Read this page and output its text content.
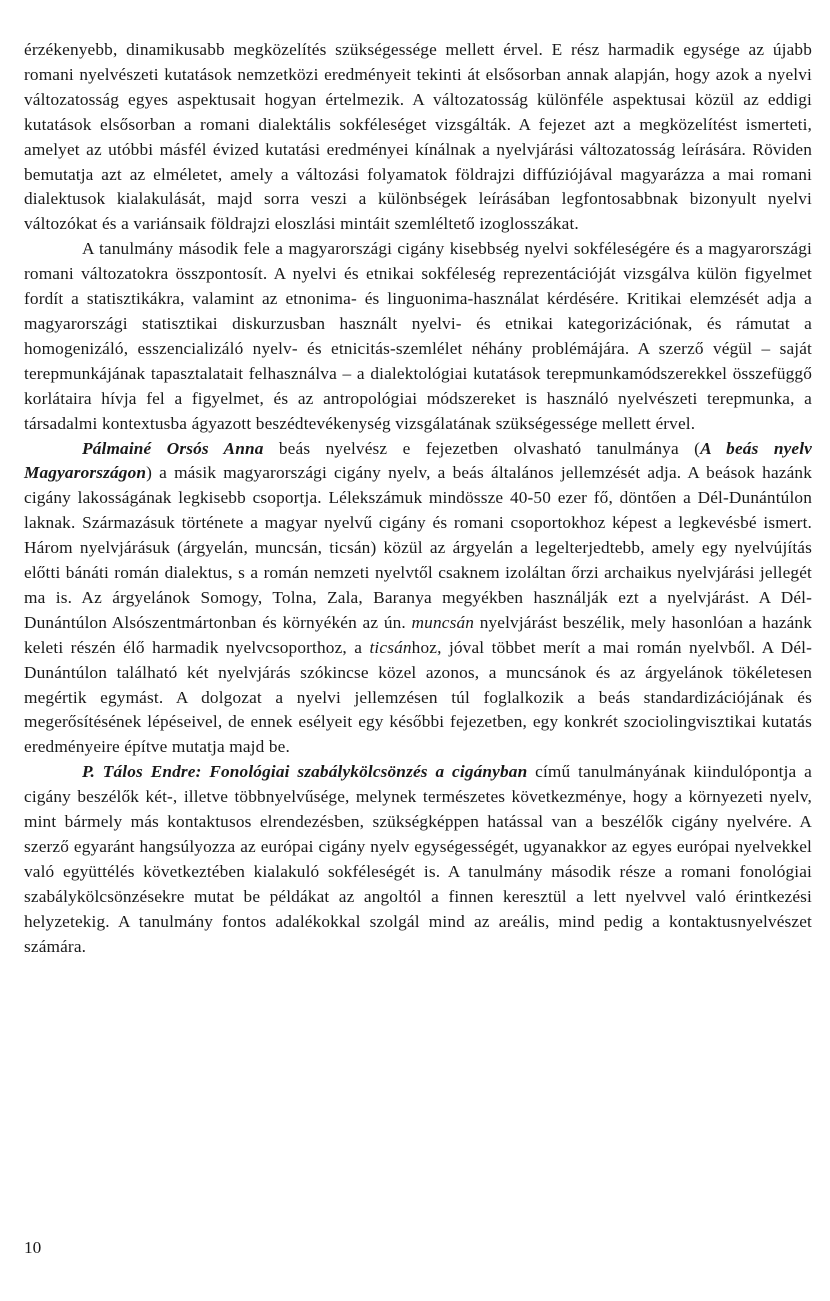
érzékenyebb, dinamikusabb megközelítés szükségessége mellett érvel. E rész harmadik egysége az újabb romani nyelvészeti kutatások nemzetközi eredményeit tekinti át elsősorban annak alapján, hogy azok a nyelvi változatosság egyes aspektusait hogyan értelmezik. A változatosság különféle aspektusai közül az eddigi kutatások elsősorban a romani dialektális sokféleséget vizsgálták. A fejezet azt a megközelítést ismerteti, amelyet az utóbbi másfél évized kutatási eredményei kínálnak a nyelvjárási változatosság leírására. Röviden bemutatja azt az elméletet, amely a változási folyamatok földrajzi diffúziójával magyarázza a mai romani dialektusok kialakulását, majd sorra veszi a különbségek leírásában legfontosabbnak bizonyult nyelvi változókat és a variánsaik földrajzi eloszlási mintáit szemléltető izoglosszákat.

A tanulmány második fele a magyarországi cigány kisebbség nyelvi sokféleségére és a magyarországi romani változatokra összpontosít. A nyelvi és etnikai sokféleség reprezentációját vizsgálva külön figyelmet fordít a statisztikákra, valamint az etnonima- és linguonima-használat kérdésére. Kritikai elemzését adja a magyarországi statisztikai diskurzusban használt nyelvi- és etnikai kategorizációnak, és rámutat a homogenizáló, esszencializáló nyelv- és etnicitás-szemlélet néhány problémájára. A szerző végül – saját terepmunkájának tapasztalatait felhasználva – a dialektológiai kutatások terepmunkamódszerekkel összefüggő korlátaira hívja fel a figyelmet, és az antropológiai módszereket is használó nyelvészeti terepmunka, a társadalmi kontextusba ágyazott beszédtevékenység vizsgálatának szükségessége mellett érvel.

Pálmainé Orsós Anna beás nyelvész e fejezetben olvasható tanulmánya (A beás nyelv Magyarországon) a másik magyarországi cigány nyelv, a beás általános jellemzését adja. A beások hazánk cigány lakosságának legkisebb csoportja. Lélekszámuk mindössze 40-50 ezer fő, döntően a Dél-Dunántúlon laknak. Származásuk története a magyar nyelvű cigány és romani csoportokhoz képest a legkevésbé ismert. Három nyelvjárásuk (árgyelán, muncsán, ticsán) közül az árgyelán a legelterjedtebb, amely egy nyelvújítás előtti bánáti román dialektus, s a román nemzeti nyelvtől csaknem izoláltan őrzi archaikus nyelvjárási jellegét ma is. Az árgyelánok Somogy, Tolna, Zala, Baranya megyékben használják ezt a nyelvjárást. A Dél-Dunántúlon Alsószentmártonban és környékén az ún. muncsán nyelvjárást beszélik, mely hasonlóan a hazánk keleti részén élő harmadik nyelvcsoporthoz, a ticsánhoz, jóval többet merít a mai román nyelvből. A Dél-Dunántúlon található két nyelvjárás szókincse közel azonos, a muncsánok és az árgyelánok tökéletesen megértik egymást. A dolgozat a nyelvi jellemzésen túl foglalkozik a beás standardizációjának és megerősítésének lépéseivel, de ennek esélyeit egy későbbi fejezetben, egy konkrét szociolingvisztikai kutatás eredményeire építve mutatja majd be.

P. Tálos Endre: Fonológiai szabálykölcsönzés a cigányban című tanulmányának kiindulópontja a cigány beszélők két-, illetve többnyelvűsége, melynek természetes következménye, hogy a környezeti nyelv, mint bármely más kontaktusos elrendezésben, szükségképpen hatással van a beszélők cigány nyelvére. A szerző egyaránt hangsúlyozza az európai cigány nyelv egységességét, ugyanakkor az egyes európai nyelvekkel való együttélés következtében kialakuló sokféleségét is. A tanulmány második része a romani fonológiai szabálykölcsönzésekre mutat be példákat az angoltól a finnen keresztül a lett nyelvvel való érintkezési helyzetekig. A tanulmány fontos adalékokkal szolgál mind az areális, mind pedig a kontaktusnyelvészet számára.

10
